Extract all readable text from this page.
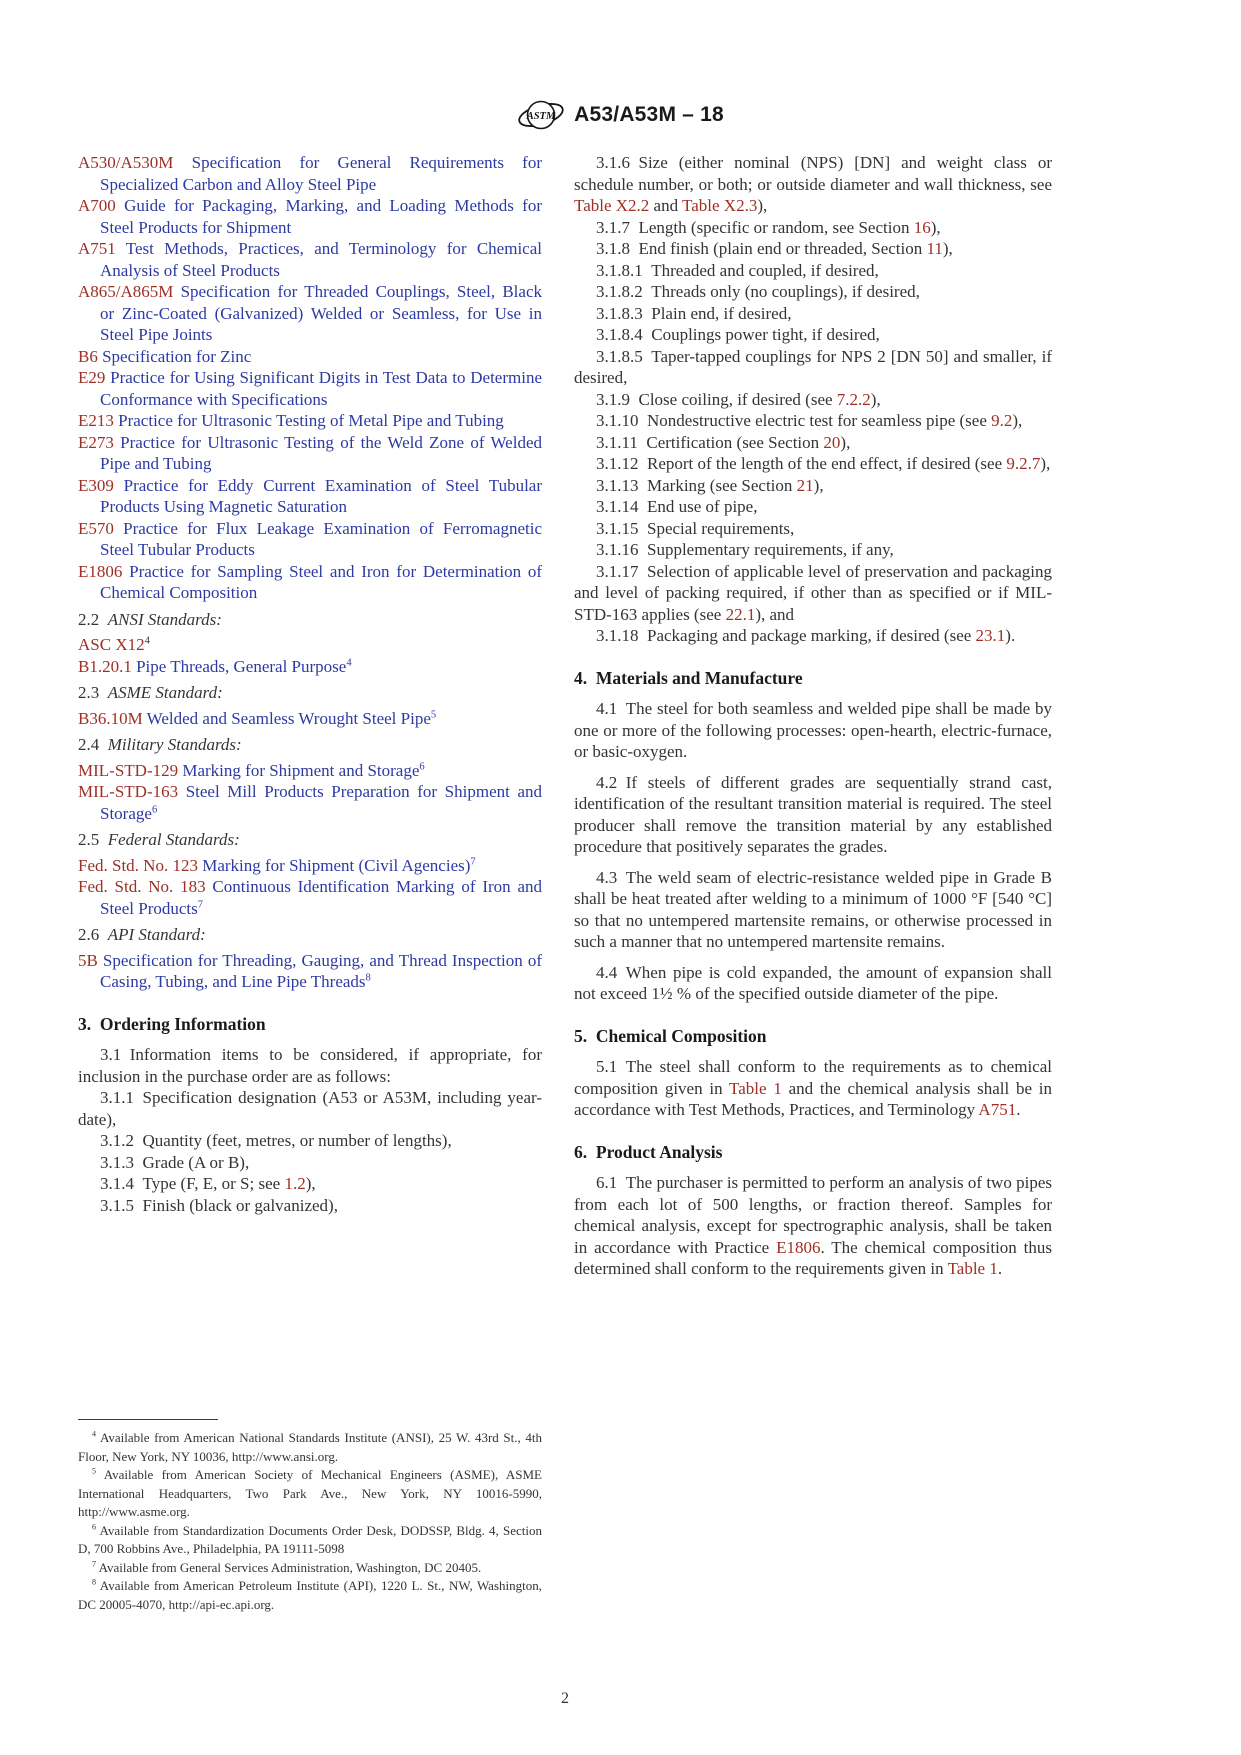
ASTM A53/A53M – 18
A530/A530M Specification for General Requirements for Specialized Carbon and Alloy Steel Pipe
A700 Guide for Packaging, Marking, and Loading Methods for Steel Products for Shipment
A751 Test Methods, Practices, and Terminology for Chemical Analysis of Steel Products
A865/A865M Specification for Threaded Couplings, Steel, Black or Zinc-Coated (Galvanized) Welded or Seamless, for Use in Steel Pipe Joints
B6 Specification for Zinc
E29 Practice for Using Significant Digits in Test Data to Determine Conformance with Specifications
E213 Practice for Ultrasonic Testing of Metal Pipe and Tubing
E273 Practice for Ultrasonic Testing of the Weld Zone of Welded Pipe and Tubing
E309 Practice for Eddy Current Examination of Steel Tubular Products Using Magnetic Saturation
E570 Practice for Flux Leakage Examination of Ferromagnetic Steel Tubular Products
E1806 Practice for Sampling Steel and Iron for Determination of Chemical Composition
2.2 ANSI Standards:
ASC $X12^4$
B1.20.1 Pipe Threads, General Purpose$^4$
2.3 ASME Standard:
B36.10M Welded and Seamless Wrought Steel Pipe$^5$
2.4 Military Standards:
MIL-STD-129 Marking for Shipment and Storage$^6$
MIL-STD-163 Steel Mill Products Preparation for Shipment and Storage$^6$
2.5 Federal Standards:
Fed. Std. No. 123 Marking for Shipment (Civil Agencies)$^7$
Fed. Std. No. 183 Continuous Identification Marking of Iron and Steel Products$^7$
2.6 API Standard:
5B Specification for Threading, Gauging, and Thread Inspection of Casing, Tubing, and Line Pipe Threads$^8$
3. Ordering Information
3.1 Information items to be considered, if appropriate, for inclusion in the purchase order are as follows:
3.1.1 Specification designation (A53 or A53M, including year-date),
3.1.2 Quantity (feet, metres, or number of lengths),
3.1.3 Grade (A or B),
3.1.4 Type (F, E, or S; see 1.2),
3.1.5 Finish (black or galvanized),
$^4$ Available from American National Standards Institute (ANSI), 25 W. 43rd St., 4th Floor, New York, NY 10036, http://www.ansi.org.
$^5$ Available from American Society of Mechanical Engineers (ASME), ASME International Headquarters, Two Park Ave., New York, NY 10016-5990, http://www.asme.org.
$^6$ Available from Standardization Documents Order Desk, DODSSP, Bldg. 4, Section D, 700 Robbins Ave., Philadelphia, PA 19111-5098
$^7$ Available from General Services Administration, Washington, DC 20405.
$^8$ Available from American Petroleum Institute (API), 1220 L. St., NW, Washington, DC 20005-4070, http://api-ec.api.org.
3.1.6 Size (either nominal (NPS) [DN] and weight class or schedule number, or both; or outside diameter and wall thickness, see Table X2.2 and Table X2.3),
3.1.7 Length (specific or random, see Section 16),
3.1.8 End finish (plain end or threaded, Section 11),
3.1.8.1 Threaded and coupled, if desired,
3.1.8.2 Threads only (no couplings), if desired,
3.1.8.3 Plain end, if desired,
3.1.8.4 Couplings power tight, if desired,
3.1.8.5 Taper-tapped couplings for NPS 2 [DN 50] and smaller, if desired,
3.1.9 Close coiling, if desired (see 7.2.2),
3.1.10 Nondestructive electric test for seamless pipe (see 9.2),
3.1.11 Certification (see Section 20),
3.1.12 Report of the length of the end effect, if desired (see 9.2.7),
3.1.13 Marking (see Section 21),
3.1.14 End use of pipe,
3.1.15 Special requirements,
3.1.16 Supplementary requirements, if any,
3.1.17 Selection of applicable level of preservation and packaging and level of packing required, if other than as specified or if MIL-STD-163 applies (see 22.1), and
3.1.18 Packaging and package marking, if desired (see 23.1).
4. Materials and Manufacture
4.1 The steel for both seamless and welded pipe shall be made by one or more of the following processes: open-hearth, electric-furnace, or basic-oxygen.
4.2 If steels of different grades are sequentially strand cast, identification of the resultant transition material is required. The steel producer shall remove the transition material by any established procedure that positively separates the grades.
4.3 The weld seam of electric-resistance welded pipe in Grade B shall be heat treated after welding to a minimum of 1000 °F [540 °C] so that no untempered martensite remains, or otherwise processed in such a manner that no untempered martensite remains.
4.4 When pipe is cold expanded, the amount of expansion shall not exceed 1½ % of the specified outside diameter of the pipe.
5. Chemical Composition
5.1 The steel shall conform to the requirements as to chemical composition given in Table 1 and the chemical analysis shall be in accordance with Test Methods, Practices, and Terminology A751.
6. Product Analysis
6.1 The purchaser is permitted to perform an analysis of two pipes from each lot of 500 lengths, or fraction thereof. Samples for chemical analysis, except for spectrographic analysis, shall be taken in accordance with Practice E1806. The chemical composition thus determined shall conform to the requirements given in Table 1.
2
